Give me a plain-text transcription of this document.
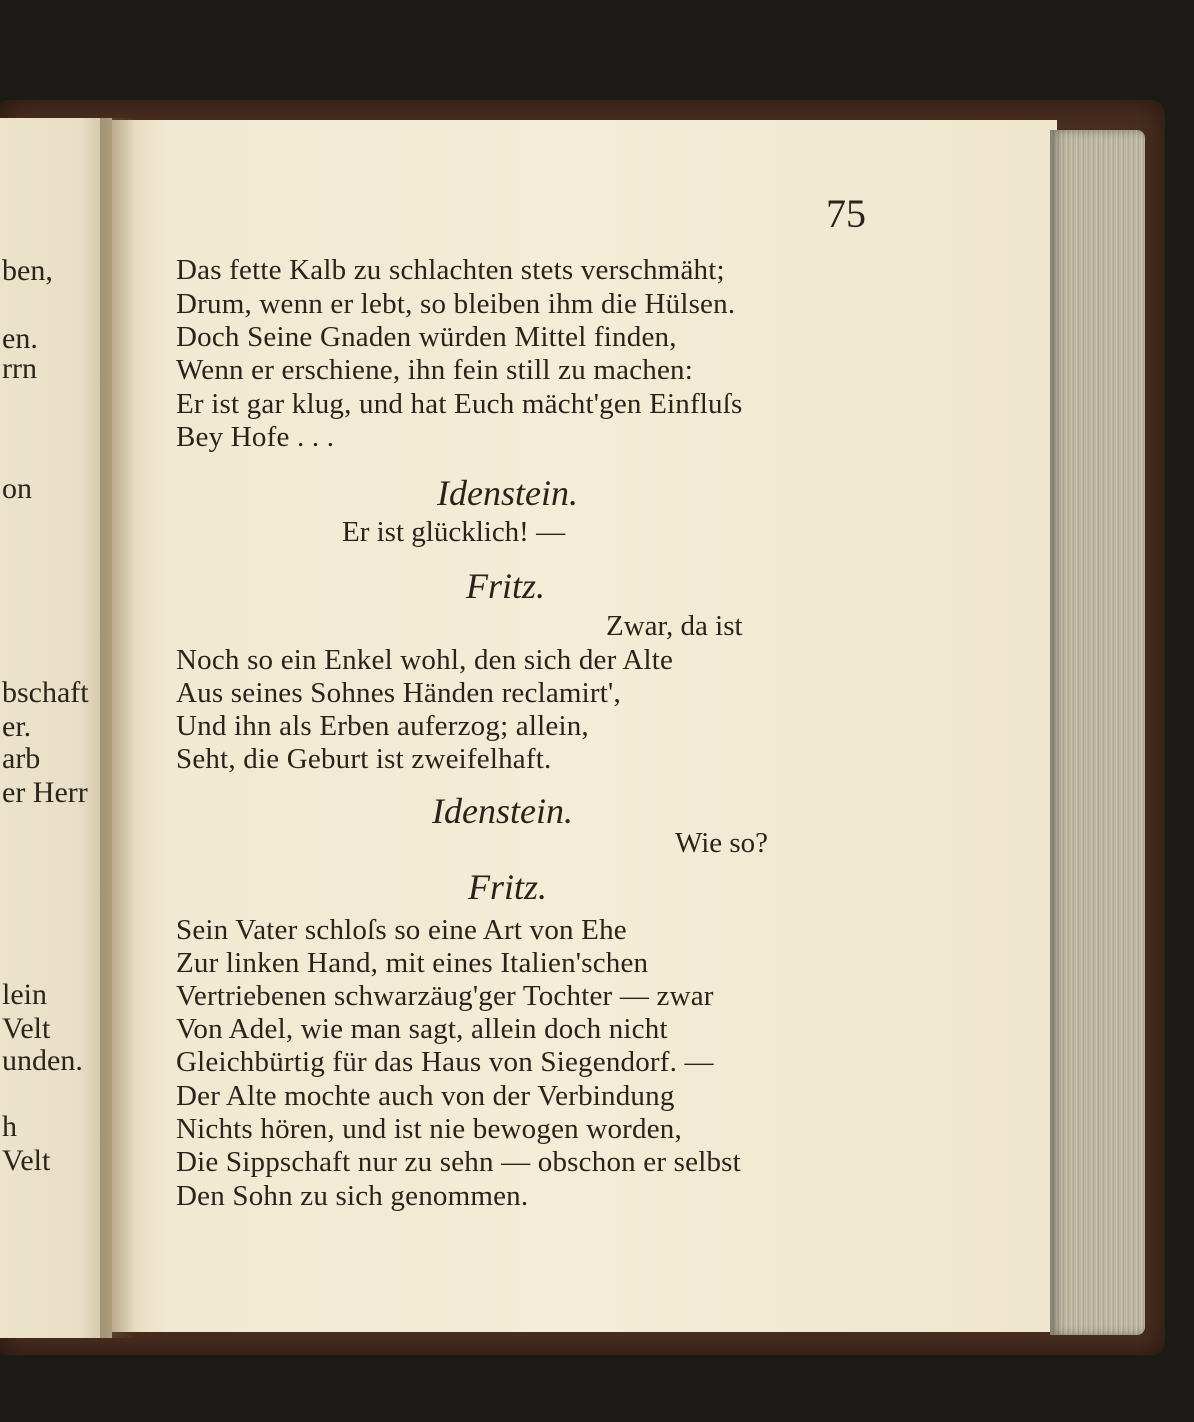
ben,
en.
rrn
on
bschaft
er.
arb
er Herr
lein
Velt
unden.
h
Velt
75
Das fette Kalb zu schlachten stets verschmäht;
Drum, wenn er lebt, so bleiben ihm die Hülsen.
Doch Seine Gnaden würden Mittel finden,
Wenn er erschiene, ihn fein still zu machen:
Er ist gar klug, und hat Euch mächt'gen Einfluſs
Bey Hofe . . .
Idenstein.
Er ist glücklich! —
Fritz.
Zwar, da ist
Noch so ein Enkel wohl, den sich der Alte
Aus seines Sohnes Händen reclamirt',
Und ihn als Erben auferzog; allein,
Seht, die Geburt ist zweifelhaft.
Idenstein.
Wie so?
Fritz.
Sein Vater schloſs so eine Art von Ehe
Zur linken Hand, mit eines Italien'schen
Vertriebenen schwarzäug'ger Tochter — zwar
Von Adel, wie man sagt, allein doch nicht
Gleichbürtig für das Haus von Siegendorf. —
Der Alte mochte auch von der Verbindung
Nichts hören, und ist nie bewogen worden,
Die Sippschaft nur zu sehn — obschon er selbst
Den Sohn zu sich genommen.
